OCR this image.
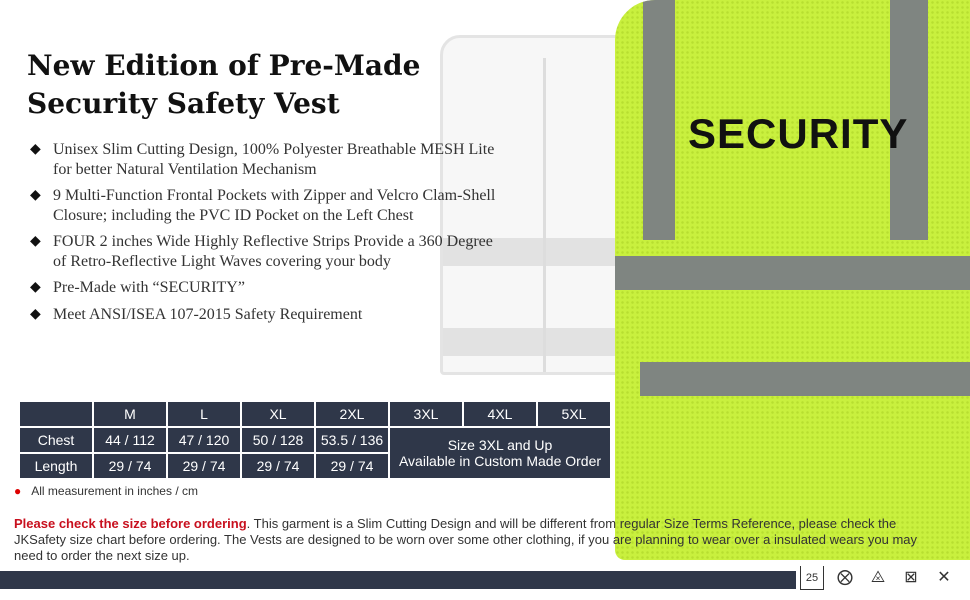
SECURITY
New Edition of Pre-Made
Security Safety Vest
◆ Unisex Slim Cutting Design, 100% Polyester Breathable MESH Lite for better Natural Ventilation Mechanism
◆ 9 Multi-Function Frontal Pockets with Zipper and Velcro Clam-Shell Closure; including the PVC ID Pocket on the Left Chest
◆ FOUR 2 inches Wide Highly Reflective Strips Provide a 360 Degree of Retro-Reflective Light Waves covering your body
◆ Pre-Made with “SECURITY”
◆ Meet ANSI/ISEA 107-2015 Safety Requirement
	M	L	XL	2XL	3XL	4XL	5XL
Chest	44 / 112	47 / 120	50 / 128	53.5 / 136	Size 3XL and Up
Available in Custom Made Order		
Length	29 / 74	29 / 74	29 / 74	29 / 74			
● All measurement in inches / cm

Please check the size before ordering. This garment is a Slim Cutting Design and will be different from regular Size Terms Reference, please check the JKSafety size chart before ordering. The Vests are designed to be worn over some other clothing, if you are planning to wear over a insulated wears you may need to order the next size up.

25	⨂	⨻	⊠	✕
